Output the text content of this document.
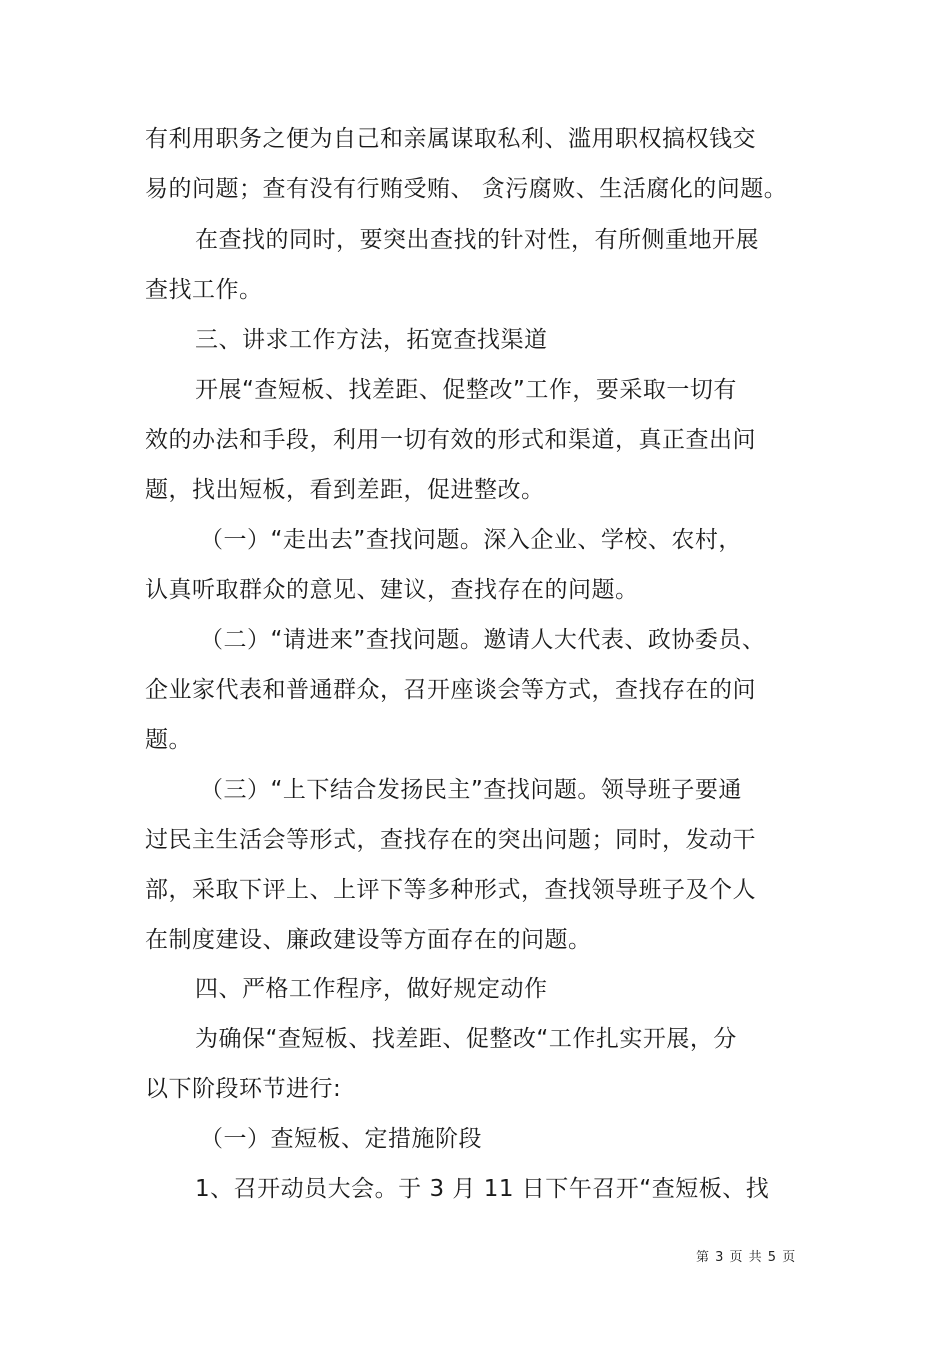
有利用职务之便为自己和亲属谋取私利、滥用职权搞权钱交
易的问题；查有没有行贿受贿、 贪污腐败、生活腐化的问题。
在查找的同时，要突出查找的针对性，有所侧重地开展
查找工作。
三、讲求工作方法，拓宽查找渠道
开展“查短板、找差距、促整改”工作，要采取一切有
效的办法和手段，利用一切有效的形式和渠道，真正查出问
题，找出短板，看到差距，促进整改。
（一）“走出去”查找问题。深入企业、学校、农村，
认真听取群众的意见、建议，查找存在的问题。
（二）“请进来”查找问题。邀请人大代表、政协委员、
企业家代表和普通群众，召开座谈会等方式，查找存在的问
题。
（三）“上下结合发扬民主”查找问题。领导班子要通
过民主生活会等形式，查找存在的突出问题；同时，发动干
部，采取下评上、上评下等多种形式，查找领导班子及个人
在制度建设、廉政建设等方面存在的问题。
四、严格工作程序，做好规定动作
为确保“查短板、找差距、促整改“工作扎实开展，分
以下阶段环节进行:
（一）查短板、定措施阶段
1、召开动员大会。于 3 月 11 日下午召开“查短板、找
第 3 页 共 5 页
